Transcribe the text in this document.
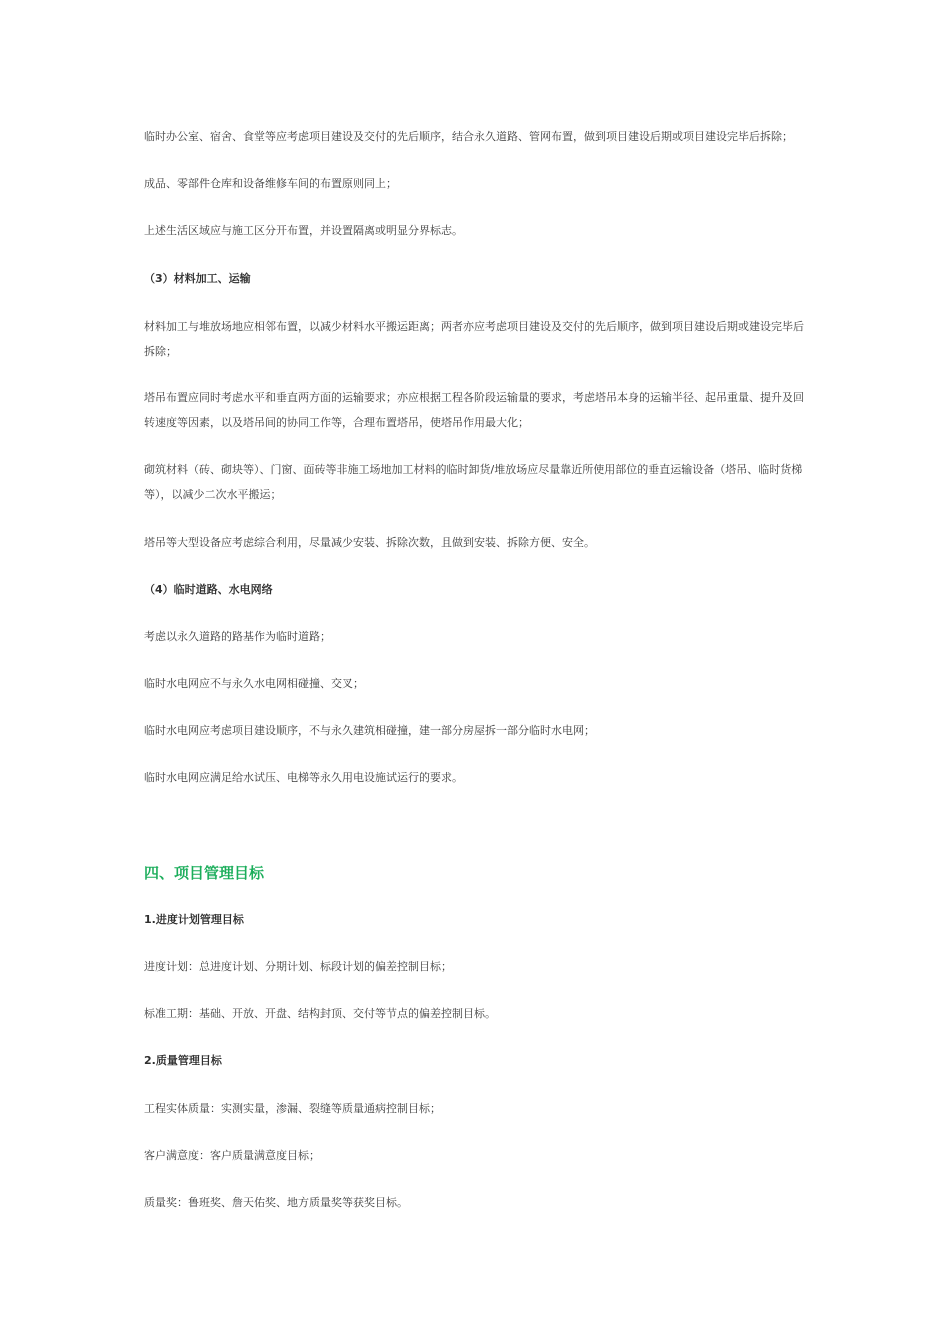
临时办公室、宿舍、食堂等应考虑项目建设及交付的先后顺序，结合永久道路、管网布置，做到项目建设后期或项目建设完毕后拆除；
成品、零部件仓库和设备维修车间的布置原则同上；
上述生活区域应与施工区分开布置，并设置隔离或明显分界标志。
（3）材料加工、运输
材料加工与堆放场地应相邻布置，以减少材料水平搬运距离；两者亦应考虑项目建设及交付的先后顺序，做到项目建设后期或建设完毕后拆除；
塔吊布置应同时考虑水平和垂直两方面的运输要求；亦应根据工程各阶段运输量的要求，考虑塔吊本身的运输半径、起吊重量、提升及回转速度等因素，以及塔吊间的协同工作等，合理布置塔吊，使塔吊作用最大化；
砌筑材料（砖、砌块等）、门窗、面砖等非施工场地加工材料的临时卸货/堆放场应尽量靠近所使用部位的垂直运输设备（塔吊、临时货梯等），以减少二次水平搬运；
塔吊等大型设备应考虑综合利用，尽量减少安装、拆除次数，且做到安装、拆除方便、安全。
（4）临时道路、水电网络
考虑以永久道路的路基作为临时道路；
临时水电网应不与永久水电网相碰撞、交叉；
临时水电网应考虑项目建设顺序，不与永久建筑相碰撞，建一部分房屋拆一部分临时水电网；
临时水电网应满足给水试压、电梯等永久用电设施试运行的要求。
四、项目管理目标
1.进度计划管理目标
进度计划：总进度计划、分期计划、标段计划的偏差控制目标；
标准工期：基础、开放、开盘、结构封顶、交付等节点的偏差控制目标。
2.质量管理目标
工程实体质量：实测实量，渗漏、裂缝等质量通病控制目标；
客户满意度：客户质量满意度目标；
质量奖：鲁班奖、詹天佑奖、地方质量奖等获奖目标。
